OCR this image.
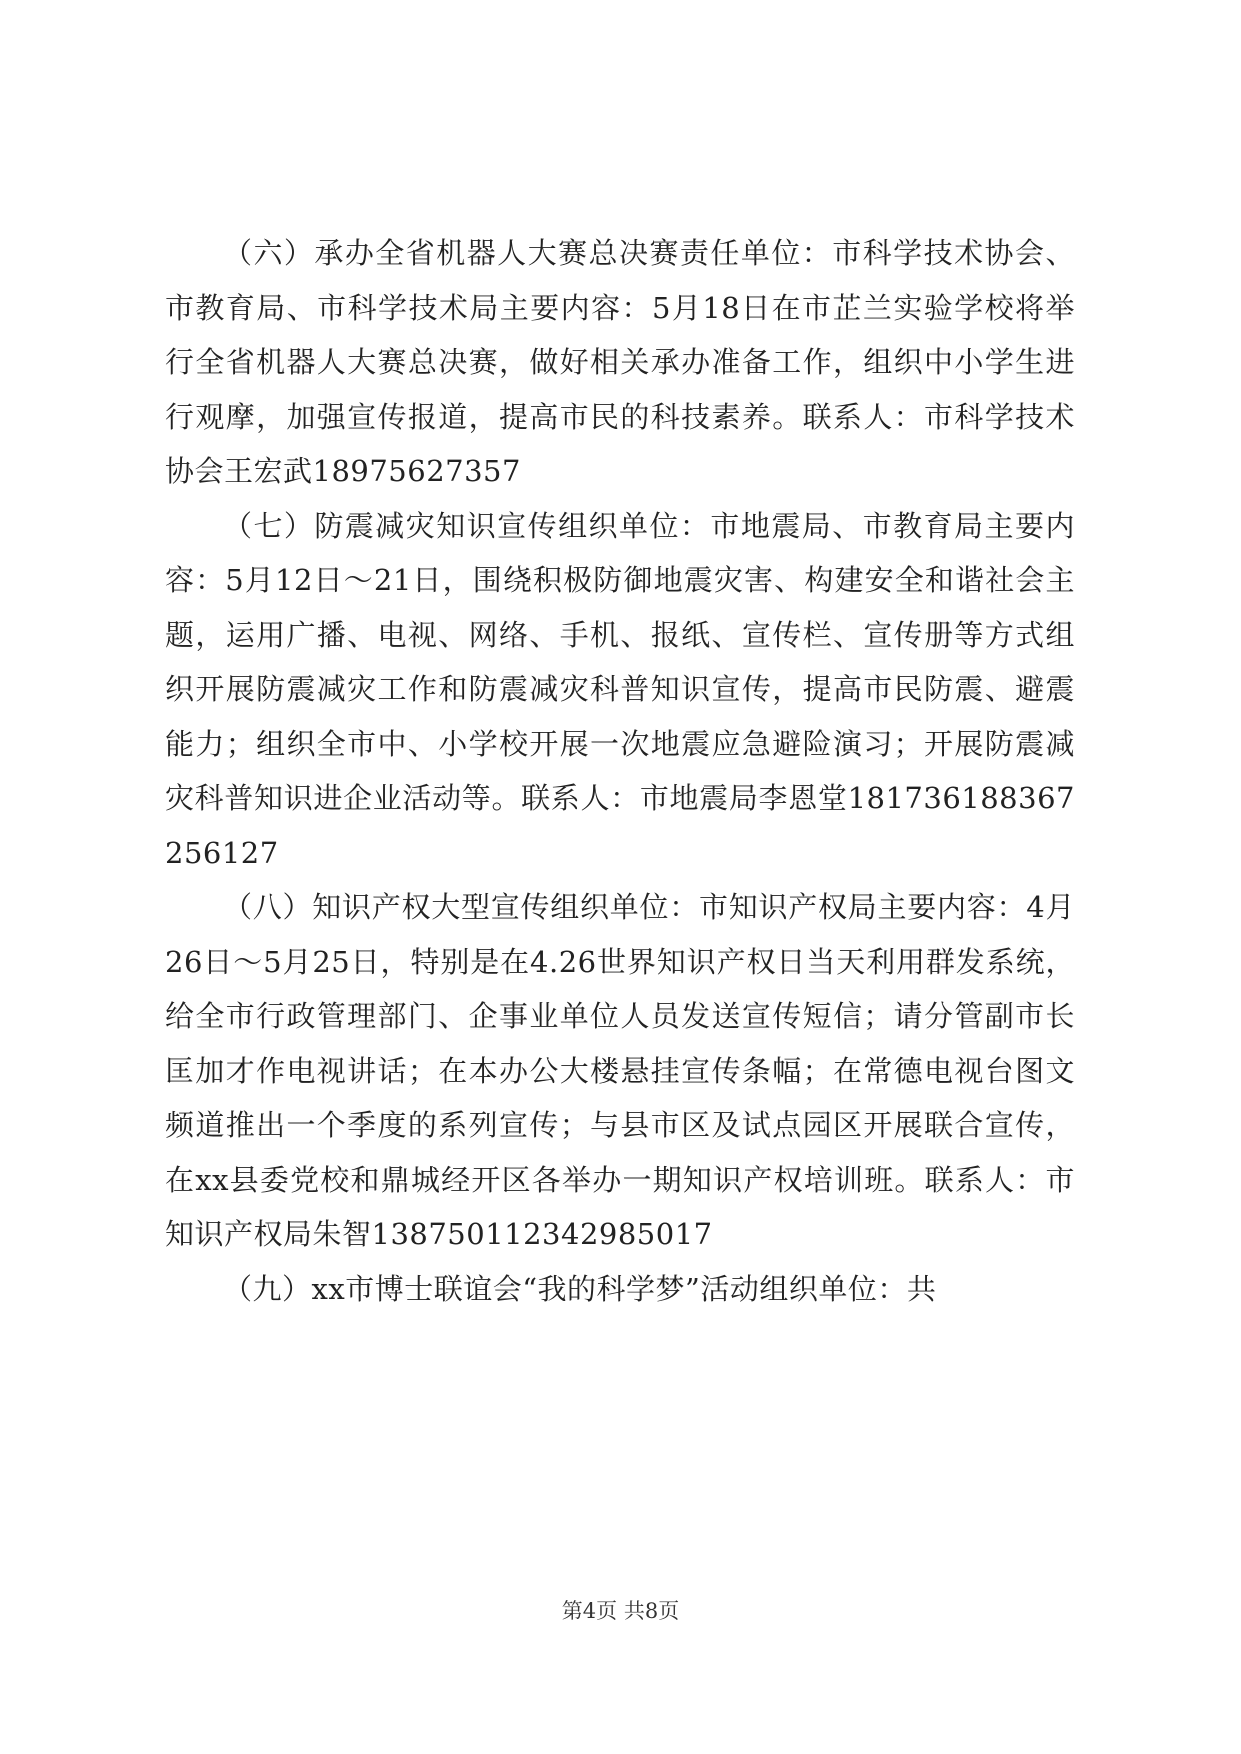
（六）承办全省机器人大赛总决赛责任单位：市科学技术协会、市教育局、市科学技术局主要内容：5月18日在市芷兰实验学校将举行全省机器人大赛总决赛，做好相关承办准备工作，组织中小学生进行观摩，加强宣传报道，提高市民的科技素养。联系人：市科学技术协会王宏武18975627357

（七）防震减灾知识宣传组织单位：市地震局、市教育局主要内容：5月12日～21日，围绕积极防御地震灾害、构建安全和谐社会主题，运用广播、电视、网络、手机、报纸、宣传栏、宣传册等方式组织开展防震减灾工作和防震减灾科普知识宣传，提高市民防震、避震能力；组织全市中、小学校开展一次地震应急避险演习；开展防震减灾科普知识进企业活动等。联系人：市地震局李恩堂181736188367256127

（八）知识产权大型宣传组织单位：市知识产权局主要内容：4月26日～5月25日，特别是在4.26世界知识产权日当天利用群发系统，给全市行政管理部门、企事业单位人员发送宣传短信；请分管副市长匡加才作电视讲话；在本办公大楼悬挂宣传条幅；在常德电视台图文频道推出一个季度的系列宣传；与县市区及试点园区开展联合宣传，在xx县委党校和鼎城经开区各举办一期知识产权培训班。联系人：市知识产权局朱智138750112342985017

（九）xx市博士联谊会“我的科学梦”活动组织单位：共

第4页 共8页
